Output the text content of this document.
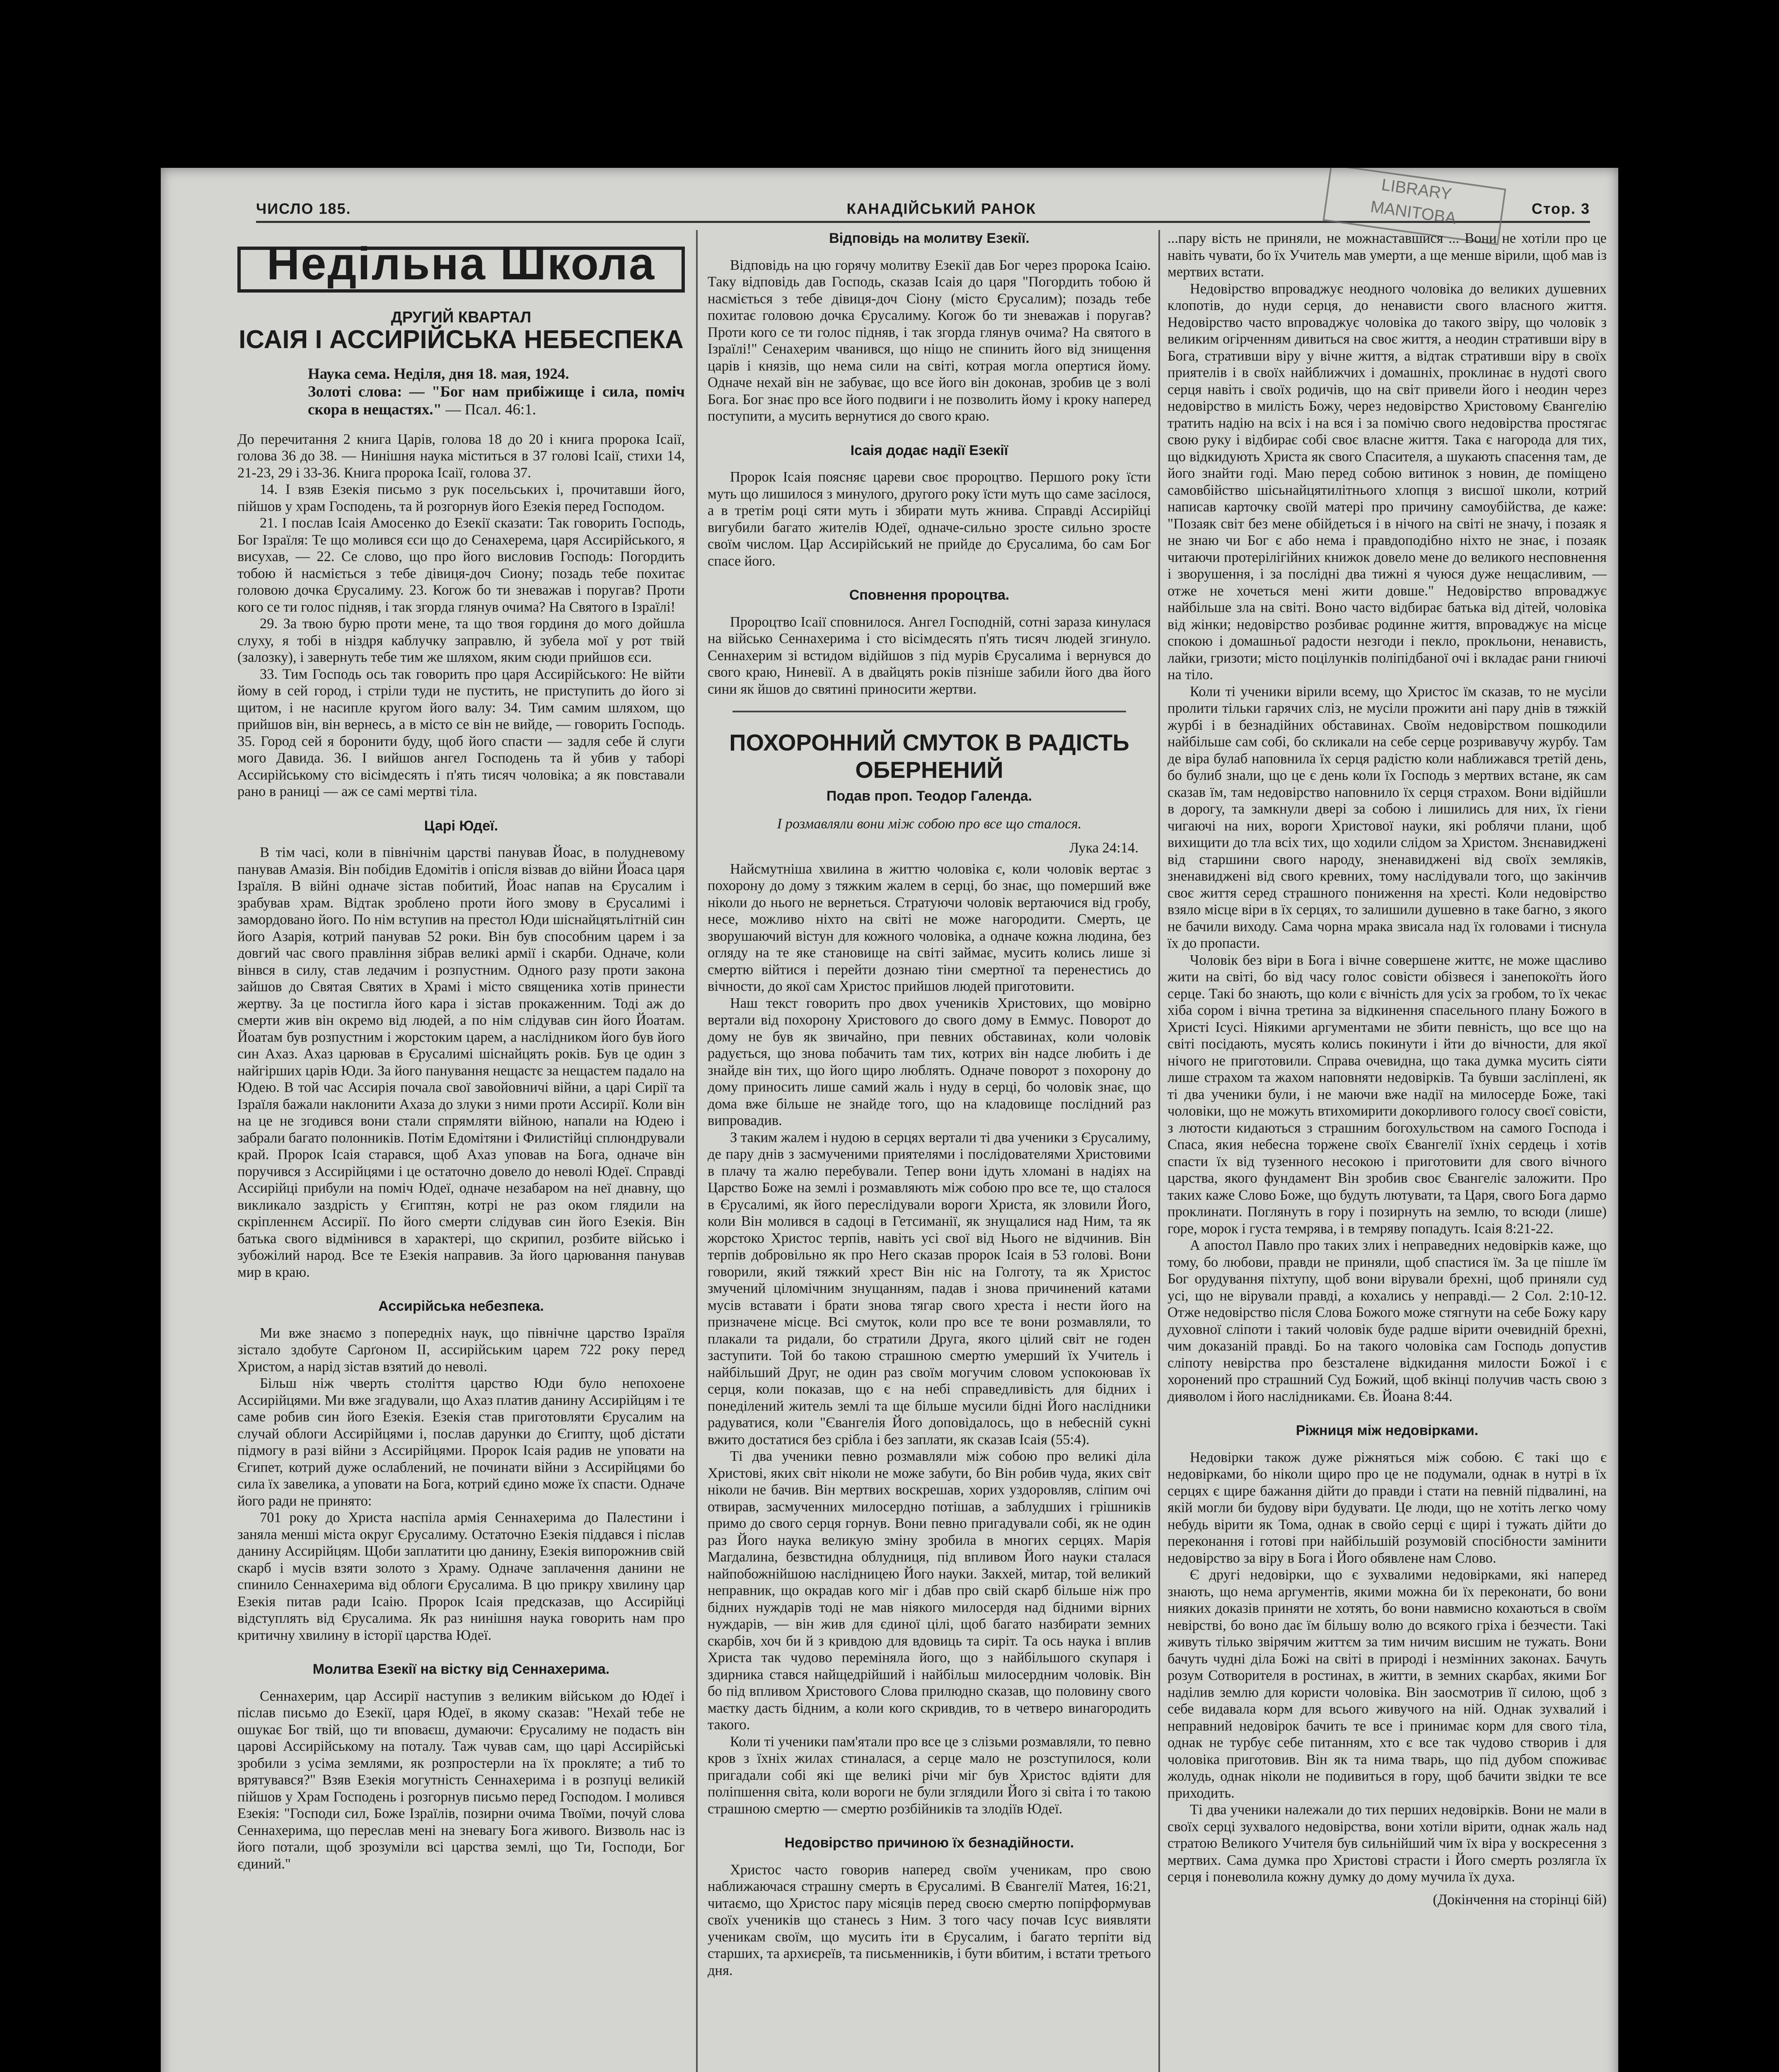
ЧИСЛО 185.	КАНАДІЙСЬКИЙ РАНОК	Стор. 3
LIBRARY
MANITOBA
Недільна Школа
ДРУГИЙ КВАРТАЛ
ІСАІЯ І АССИРІЙСЬКА НЕБЕСПЕКА
Наука сема. Неділя, дня 18. мая, 1924.
Золоті слова: — "Бог нам прибіжище і сила, поміч скора в нещастях." — Псал. 46:1.

До перечитання 2 книга Царів, голова 18 до 20 і книга пророка Ісаії, голова 36 до 38. — Нинішня наука міститься в 37 голові Ісаії, стихи 14, 21-23, 29 і 33-36. Книга пророка Ісаії, голова 37.

14. І взяв Езекія письмо з рук посельських і, прочитавши його, пійшов у храм Господень, та й розгорнув його Езекія перед Господом.

21. І послав Ісаія Амосенко до Езекії сказати: Так говорить Господь, Бог Ізраїля: Те що молився єси що до Сенахерема, царя Ассирійського, я висухав, — 22. Се слово, що про його висловив Господь: Погордить тобою й насміється з тебе дівиця-доч Сиону; позадь тебе похитає головою дочка Єрусалиму. 23. Когож бо ти зневажав і поругав? Проти кого се ти голос підняв, і так згорда глянув очима? На Святого в Ізраїлі!

29. За твою бурю проти мене, та що твоя гординя до мого дойшла слуху, я тобі в ніздря каблучку заправлю, й зубела мої у рот твій (залозку), і завернуть тебе тим же шляхом, яким сюди прийшов єси.

33. Тим Господь ось так говорить про царя Ассирійського: Не війти йому в сей город, і стріли туди не пустить, не приступить до його зі щитом, і не насипле кругом його валу: 34. Тим самим шляхом, що прийшов він, він вернесь, а в місто се він не вийде, — говорить Господь. 35. Город сей я боронити буду, щоб його спасти — задля себе й слуги мого Давида. 36. І вийшов ангел Господень та й убив у таборі Ассирійському сто вісімдесять і п'ять тисяч чоловіка; а як повставали рано в раниці — аж се самі мертві тіла.

Царі Юдеї.

В тім часі, коли в північнім царстві панував Йоас, в полудневому панував Амазія. Він побідив Едомітів і опісля візвав до війни Йоаса царя Ізраїля. В війні одначе зістав побитий, Йоас напав на Єрусалим і зрабував храм. Відтак зроблено проти його змову в Єрусалимі і замордовано його. По нім вступив на престол Юди шіснайцятьлітній син його Азарія, котрий панував 52 роки. Він був способним царем і за довгий час свого правління зібрав великі армії і скарби. Одначе, коли вінвся в силу, став ледачим і розпустним. Одного разу проти закона зайшов до Святая Святих в Храмі і місто священика хотів принести жертву. За це постигла його кара і зістав прокаженним. Тоді аж до смерти жив він окремо від людей, а по нім слідував син його Йоатам. Йоатам був розпустним і жорстоким царем, а наслідником його був його син Ахаз. Ахаз царював в Єрусалимі шіснайцять років. Був це один з найгірших царів Юди. За його панування нещастє за нещастем падало на Юдею. В той час Ассирія почала свої завойовничі війни, а царі Сирії та Ізраїля бажали наклонити Ахаза до злуки з ними проти Ассирії. Коли він на це не згодився вони стали спрямляти війною, напали на Юдею і забрали багато полонників. Потім Едомітяни і Филистійці сплюндрували край. Пророк Ісаія старався, щоб Ахаз уповав на Бога, одначе він поручився з Ассирійцями і це остаточно довело до неволі Юдеї. Справді Ассирійці прибули на поміч Юдеї, одначе незабаром на неї днавну, що викликало заздрість у Єгиптян, котрі не раз оком глядили на скріпленнєм Ассирії. По його смерти слідував син його Езекія. Він батька свого відмінився в характері, що скрипил, розбите військо і зубожілий народ. Все те Езекія направив. За його царювання панував мир в краю.

Ассирійська небезпека.

Ми вже знаємо з попередніх наук, що північне царство Ізраїля зістало здобуте Сарґоном II, ассирійським царем 722 року перед Христом, а нарід зістав взятий до неволі.

Більш ніж чверть століття царство Юди було непохоене Ассирійцями. Ми вже згадували, що Ахаз платив данину Ассирійцям і те саме робив син його Езекія. Езекія став приготовляти Єрусалим на случай облоги Ассирійцями і, послав дарунки до Єгипту, щоб дістати підмогу в разі війни з Ассирійцями. Пророк Ісаія радив не уповати на Єгипет, котрий дуже ослаблений, не починати війни з Ассирійцями бо сила їх завелика, а уповати на Бога, котрий єдино може їх спасти. Одначе його ради не принято:

701 року до Христа наспіла армія Сеннахерима до Палестини і заняла менші міста округ Єрусалиму. Остаточно Езекія піддався і післав данину Ассирійцям. Щоби заплатити цю данину, Езекія випорожнив свій скарб і мусів взяти золото з Храму. Одначе заплачення данини не спинило Сеннахерима від облоги Єрусалима. В цю прикру хвилину цар Езекія питав ради Ісаію. Пророк Ісаія предсказав, що Ассирійці відступлять від Єрусалима. Як раз нинішня наука говорить нам про критичну хвилину в історії царства Юдеї.

Молитва Езекії на вістку від Сеннахерима.

Сеннахерим, цар Ассирії наступив з великим військом до Юдеї і післав письмо до Езекії, царя Юдеї, в якому сказав: "Нехай тебе не ошукає Бог твій, що ти вповаєш, думаючи: Єрусалиму не подасть він царові Ассирійському на поталу. Таж чував сам, що царі Ассирійські зробили з усіма землями, як розпростерли на їх прокляте; а тиб то врятувався?" Взяв Езекія могутність Сеннахерима і в розпуці великій пійшов у Храм Господень і розгорнув письмо перед Господом. І молився Езекія: "Господи сил, Боже Ізраїлів, позирни очима Твоїми, почуй слова Сеннахерима, що переслав мені на зневагу Бога живого. Визволь нас із його потали, щоб зрозуміли всі царства землі, що Ти, Господи, Бог єдиний."

Відповідь на молитву Езекії.

Відповідь на цю горячу молитву Езекії дав Бог через пророка Ісаію. Таку відповідь дав Господь, сказав Ісаія до царя "Погордить тобою й насміється з тебе дівиця-доч Сіону (місто Єрусалим); позадь тебе похитає головою дочка Єрусалиму. Когож бо ти зневажав і поругав? Проти кого се ти голос підняв, і так згорда глянув очима? На святого в Ізраїлі!" Сенахерим чванився, що ніщо не спинить його від знищення царів і князів, що нема сили на світі, котрая могла опертися йому. Одначе нехай він не забуває, що все його він доконав, зробив це з волі Бога. Бог знає про все його подвиги і не позволить йому і кроку наперед поступити, а мусить вернутися до свого краю.

Ісаія додає надії Езекії

Пророк Ісаія поясняє цареви своє пророцтво. Першого року їсти муть що лишилося з минулого, другого року їсти муть що саме засілося, а в третім році сяти муть і збирати муть жнива. Справді Ассирійці вигубили багато жителів Юдеї, одначе-сильно зросте сильно зросте своїм числом. Цар Ассирійський не прийде до Єрусалима, бо сам Бог спасе його.

Сповнення пророцтва.

Пророцтво Ісаії сповнилося. Ангел Господній, сотні зараза кинулася на військо Сеннахерима і сто вісімдесять п'ять тисяч людей згинуло. Сеннахерим зі встидом відійшов з під мурів Єрусалима і вернувся до свого краю, Ниневії. А в двайцять років пізніше забили його два його сини як йшов до святині приносити жертви.

ПОХОРОННИЙ СМУТОК В РАДІСТЬ ОБЕРНЕНИЙ
Подав проп. Теодор Галенда.
І розмавляли вони між собою про все що сталося.
Лука 24:14.

Найсмутніша хвилина в життю чоловіка є, коли чоловік вертає з похорону до дому з тяжким жалем в серці, бо знає, що померший вже ніколи до нього не вернеться. Стратуючи чоловік вертаючися від гробу, несе, можливо ніхто на світі не може нагородити. Смерть, це зворушаючий вістун для кожного чоловіка, а одначе кожна людина, без огляду на те яке становище на світі займає, мусить колись лише зі смертю війтися і перейти дознаю тіни смертної та перенестись до вічности, до якої сам Христос прийшов людей приготовити.

Наш текст говорить про двох учеників Христових, що мовірно вертали від похорону Христового до свого дому в Еммус. Поворот до дому не був як звичайно, при певних обставинах, коли чоловік радується, що знова побачить там тих, котрих він надсе любить і де знайде він тих, що його щиро люблять. Одначе поворот з похорону до дому приносить лише самий жаль і нуду в серці, бо чоловік знає, що дома вже більше не знайде того, що на кладовище послідний раз випровадив.

З таким жалем і нудою в серцях вертали ті два ученики з Єрусалиму, де пару днів з засмученими приятелями і послідователями Христовими в плачу та жалю перебували. Тепер вони ідуть хломані в надіях на Царство Боже на землі і розмавляють між собою про все те, що сталося в Єрусалимі, як його переслідували вороги Христа, як зловили Його, коли Він молився в садоці в Гетсиманії, як знущалися над Ним, та як жорстоко Христос терпів, навіть усі свої від Нього не відчинив. Він терпів добровільно як про Него сказав пророк Ісаія в 53 голові. Вони говорили, який тяжкий хрест Він ніс на Голготу, та як Христос змучений ціломічним знущанням, падав і знова причинений катами мусів вставати і брати знова тягар свого хреста і нести його на призначене місце. Всі смуток, коли про все те вони розмавляли, то плакали та ридали, бо стратили Друга, якого цілий світ не годен заступити. Той бо такою страшною смертю умерший їх Учитель і найбільший Друг, не один раз своїм могучим словом успокоював їх серця, коли показав, що є на небі справедливість для бідних і понеділений житель землі та ще більше мусили бідні Його наслідники радуватися, коли "Євангелія Його доповідалось, що в небесній сукні вжито достатися без срібла і без заплати, як сказав Ісаія (55:4).

Ті два ученики певно розмавляли між собою про великі діла Христові, яких світ ніколи не може забути, бо Він робив чуда, яких світ ніколи не бачив. Він мертвих воскрешав, хорих уздоровляв, сліпим очі отвирав, засмученних милосердно потішав, а заблудших і грішників примо до свого серця горнув. Вони певно пригадували собі, як не один раз Його наука великую зміну зробила в многих серцях. Марія Магдалина, безвстидна облудниця, під впливом Його науки сталася найпобожнійшою наслідницею Його науки. Закхей, митар, той великий неправник, що окрадав кого міг і дбав про свій скарб більше ніж про бідних нуждарів тоді не мав ніякого милосердя над бідними вірних нуждарів, — він жив для єдиної цілі, щоб багато назбирати земних скарбів, хоч би й з кривдою для вдовиць та сиріт. Та ось наука і вплив Христа так чудово переміняла його, що з найбільшого скупаря і здирника стався найщедрійший і найбільш милосердним чоловік. Він бо під впливом Христового Слова прилюдно сказав, що половину свого маєтку дасть бідним, а коли кого скривдив, то в четверо винагородить такого.

Коли ті ученики пам'ятали про все це з слізьми розмавляли, то певно кров з їхніх жилах стиналася, а серце мало не розступилося, коли пригадали собі які ще великі річи міг був Христос вдіяти для поліпшення світа, коли вороги не були зглядили Його зі світа і то такою страшною смертю — смертю розбійників та злодіїв Юдеї.

Недовірство причиною їх безнадійности.

Христос часто говорив наперед своїм ученикам, про свою наближаючася страшну смерть в Єрусалимі. В Євангелії Матея, 16:21, читаємо, що Христос пару місяців перед своєю смертю попірформував своїх учеників що станесь з Ним. З того часу почав Ісус виявляти ученикам своїм, що мусить іти в Єрусалим, і багато терпіти від старших, та архиєреїв, та письменників, і бути вбитим, і встати третього дня.

...пару вість не приняли, не можнаставшися ... Вони не хотіли про це навіть чувати, бо їх Учитель мав умерти, а ще менше вірили, щоб мав із мертвих встати.

Недовірство впроваджує неодного чоловіка до великих душевних клопотів, до нуди серця, до ненависти свого власного життя. Недовірство часто впроваджує чоловіка до такого звіру, що чоловік з великим огірченням дивиться на своє життя, а неодин стративши віру в Бога, стративши віру у вічне життя, а відтак стративши віру в своїх приятелів і в своїх найближчих і домашніх, проклинає в нудоті свого серця навіть і своїх родичів, що на світ привели його і неодин через недовірство в милість Божу, через недовірство Христовому Євангелію тратить надію на всіх і на вся і за помічю свого недовірства простягає свою руку і відбирає собі своє власне життя. Така є нагорода для тих, що відкидують Христа як свого Спасителя, а шукають спасення там, де його знайти годі. Маю перед собою витинок з новин, де поміщено самовбійство шісьнайцятилітнього хлопця з висшої школи, котрий написав карточку своїй матері про причину самоубійства, де каже: "Позаяк світ без мене обійдеться і в нічого на світі не значу, і позаяк я не знаю чи Бог є або нема і правдоподібно ніхто не знає, і позаяк читаючи протерілігійних книжок довело мене до великого несповнення і зворушення, і за послідні два тижні я чуюся дуже нещасливим, — отже не хочеться мені жити довше." Недовірство впроваджує найбільше зла на світі. Воно часто відбирає батька від дітей, чоловіка від жінки; недовірство розбиває родинне життя, впроваджує на місце спокою і домашньої радости незгоди і пекло, прокльони, ненависть, лайки, гризоти; місто поцілунків поліпідбаної очі і вкладає рани гниючі на тіло.

Коли ті ученики вірили всему, що Христос їм сказав, то не мусіли пролити тільки гарячих сліз, не мусіли прожити ані пару днів в тяжкій журбі і в безнадійних обставинах. Своїм недовірством пошкодили найбільше сам собі, бо скликали на себе серце розривавучу журбу. Там де віра булаб наповнила їх серця радістю коли наближався третій день, бо булиб знали, що це є день коли їх Господь з мертвих встане, як сам сказав їм, там недовірство наповнило їх серця страхом. Вони відійшли в дорогу, та замкнули двері за собою і лишились для них, їх гіени чигаючі на них, вороги Христової науки, які роблячи плани, щоб вихищити до тла всіх тих, що ходили слідом за Христом. Знєнавиджені від старшини свого народу, зненавиджені від своїх земляків, зненавиджені від свого кревних, тому наслідували того, що закінчив своє життя серед страшного пониження на хресті. Коли недовірство взяло місце віри в їх серцях, то залишили душевно в таке багно, з якого не бачили виходу. Сама чорна мрака звисала над їх головами і тиснула їх до пропасти.

Чоловік без віри в Бога і вічне совершене життє, не може щасливо жити на світі, бо від часу голос совісти обізвеся і занепокоїть його серце. Такі бо знають, що коли є вічність для усіх за гробом, то їх чекає хіба сором і вічна третина за відкинення спасельного плану Божого в Христі Ісусі. Ніякими аргументами не збити певність, що все що на світі посідають, мусять колись покинути і йти до вічности, для якої нічого не приготовили. Справа очевидна, що така думка мусить сіяти лише страхом та жахом наповняти недовірків. Та бувши засліплені, як ті два ученики були, і не маючи вже надії на милосерде Боже, такі чоловіки, що не можуть втихомирити докорливого голосу своєї совісти, з лютости кидаються з страшним богохульством на самого Господа і Спаса, якия небесна торжене своїх Євангелії їхніх сердець і хотів спасти їх від тузенного несокою і приготовити для свого вічного царства, якого фундамент Він зробив своє Євангеліє заложити. Про таких каже Слово Боже, що будуть лютувати, та Царя, свого Бога дармо проклинати. Поглянуть в гору і позирнуть на землю, то всюди (лише) горе, морок і густа темрява, і в темряву попадуть. Ісаія 8:21-22.

А апостол Павло про таких злих і неправедних недовірків каже, що тому, бо любови, правди не приняли, щоб спастися їм. За це пішле їм Бог орудування піхтупу, щоб вони вірували брехні, щоб приняли суд усі, що не вірували правді, а кохались у неправді.— 2 Сол. 2:10-12. Отже недовірство після Слова Божого може стягнути на себе Божу кару духовної сліпоти і такий чоловік буде радше вірити очевидній брехні, чим доказаній правді. Бо на такого чоловіка сам Господь допустив сліпоту невірства про безсталене відкидання милости Божої і є хоронений про страшний Суд Божий, щоб вкінці получив часть свою з дияволом і його наслідниками. Єв. Йоана 8:44.

Ріжниця між недовірками.

Недовірки також дуже ріжняться між собою. Є такі що є недовірками, бо ніколи щиро про це не подумали, однак в нутрі в їх серцях є щире бажання дійти до правди і стати на певній підвалині, на якій могли би будову віри будувати. Це люди, що не хотіть легко чому небудь вірити як Тома, однак в свойо серці є щирі і тужать дійти до переконання і готові при найбільшій розумовій спосібности замінити недовірство за віру в Бога і Його обявлене нам Слово.

Є другі недовірки, що є зухвалими недовірками, які наперед знають, що нема аргументів, якими можна би їх переконати, бо вони нияких доказів приняти не хотять, бо вони навмисно кохаються в своїм невірстві, бо воно дає їм більшу волю до всякого гріха і безчести. Такі живуть тілько звірячим життєм за тим ничим висшим не тужать. Вони бачуть чудні діла Божі на світі в природі і незмінних законах. Бачуть розум Сотворителя в ростинах, в житти, в земних скарбах, якими Бог наділив землю для користи чоловіка. Він заосмотрив її силою, щоб з себе видавала корм для всього живучого на ній. Однак зухвалий і неправний недовірок бачить те все і принимає корм для свого тіла, однак не турбує себе питанням, хто є все так чудово створив і для чоловіка приготовив. Він як та нима тварь, що під дубом споживає жолудь, однак ніколи не подивиться в гору, щоб бачити звідки те все приходить.

Ті два ученики належали до тих перших недовірків. Вони не мали в своїх серці зухвалого недовірства, вони хотіли вірити, однак жаль над стратою Великого Учителя був сильнійший чим їх віра у воскресення з мертвих. Сама думка про Христові страсти і Його смерть розлягла їх серця і поневолила кожну думку до дому мучила їх духа.

(Докінчення на сторінці 6ій)
